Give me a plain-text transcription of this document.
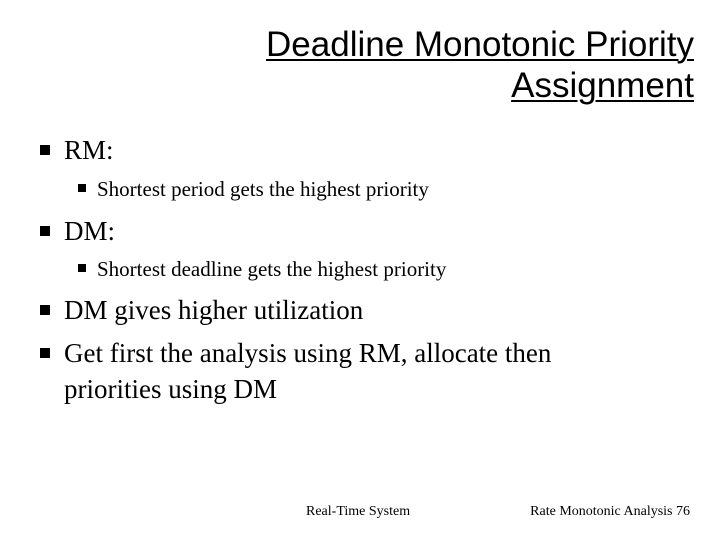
Deadline Monotonic Priority
Assignment
RM:
Shortest period gets the highest priority
DM:
Shortest deadline gets the highest priority
DM gives higher utilization
Get first the analysis using RM, allocate then
priorities using DM
Real-Time System	Rate Monotonic Analysis 76
